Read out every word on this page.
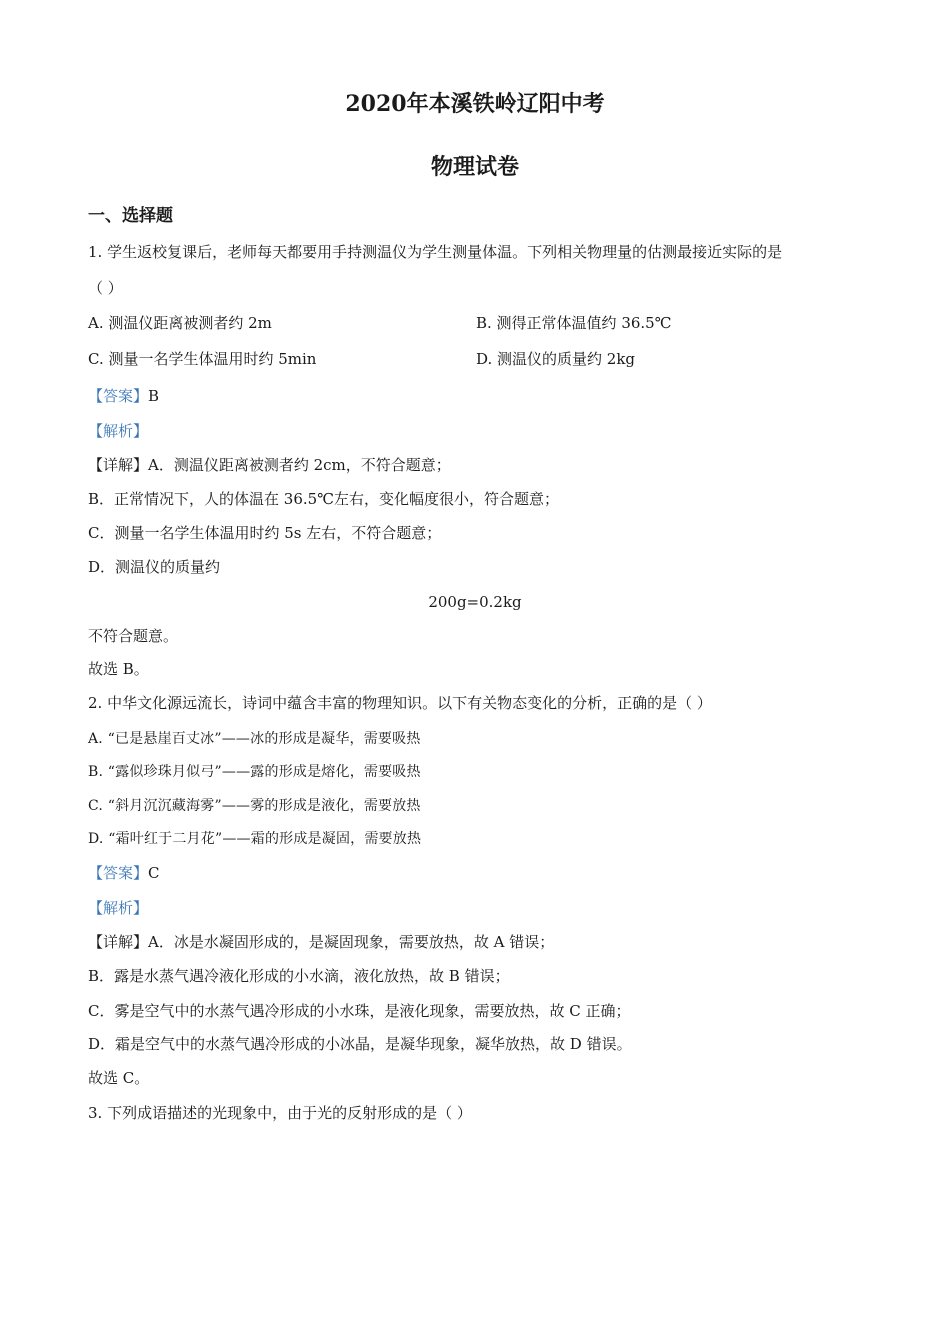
2020年本溪铁岭辽阳中考
物理试卷
一、选择题
1. 学生返校复课后，老师每天都要用手持测温仪为学生测量体温。下列相关物理量的估测最接近实际的是
（ ）
A. 测温仪距离被测者约 2m	B. 测得正常体温值约 36.5℃
C. 测量一名学生体温用时约 5min	D. 测温仪的质量约 2kg
【答案】B
【解析】
【详解】A．测温仪距离被测者约 2cm，不符合题意；
B．正常情况下，人的体温在 36.5℃左右，变化幅度很小，符合题意；
C．测量一名学生体温用时约 5s 左右，不符合题意；
D．测温仪的质量约
200g=0.2kg
不符合题意。
故选 B。
2. 中华文化源远流长，诗词中蕴含丰富的物理知识。以下有关物态变化的分析，正确的是（ ）
A. “已是悬崖百丈冰”——冰的形成是凝华，需要吸热
B. “露似珍珠月似弓”——露的形成是熔化，需要吸热
C. “斜月沉沉藏海雾”——雾的形成是液化，需要放热
D. “霜叶红于二月花”——霜的形成是凝固，需要放热
【答案】C
【解析】
【详解】A．冰是水凝固形成的，是凝固现象，需要放热，故 A 错误；
B．露是水蒸气遇冷液化形成的小水滴，液化放热，故 B 错误；
C．雾是空气中的水蒸气遇冷形成的小水珠，是液化现象，需要放热，故 C 正确；
D．霜是空气中的水蒸气遇冷形成的小冰晶，是凝华现象，凝华放热，故 D 错误。
故选 C。
3. 下列成语描述的光现象中，由于光的反射形成的是（ ）
